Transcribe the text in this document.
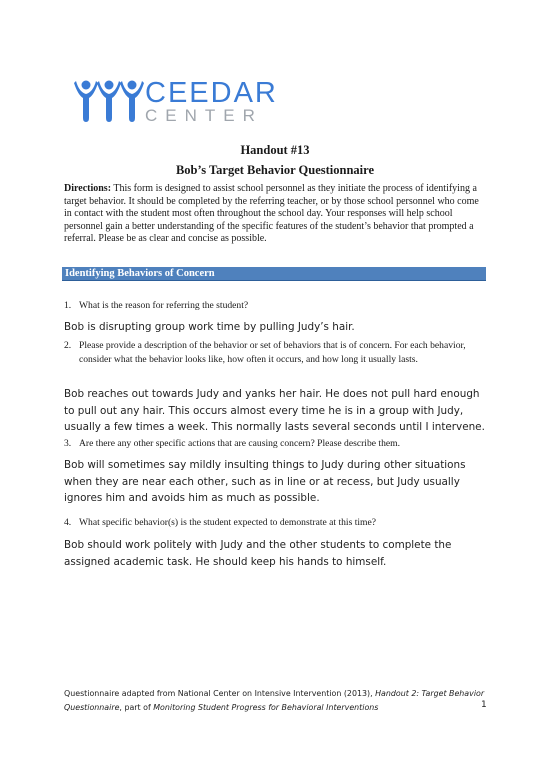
CEEDAR
CENTER
Handout #13
Bob’s Target Behavior Questionnaire
Directions: This form is designed to assist school personnel as they initiate the process of identifying a target behavior. It should be completed by the referring teacher, or by those school personnel who come in contact with the student most often throughout the school day. Your responses will help school personnel gain a better understanding of the specific features of the student’s behavior that prompted a referral. Please be as clear and concise as possible.
Identifying Behaviors of Concern
1. What is the reason for referring the student?
Bob is disrupting group work time by pulling Judy’s hair.
2. Please provide a description of the behavior or set of behaviors that is of concern. For each behavior, consider what the behavior looks like, how often it occurs, and how long it usually lasts.
Bob reaches out towards Judy and yanks her hair. He does not pull hard enough to pull out any hair. This occurs almost every time he is in a group with Judy, usually a few times a week. This normally lasts several seconds until I intervene.
3. Are there any other specific actions that are causing concern? Please describe them.
Bob will sometimes say mildly insulting things to Judy during other situations when they are near each other, such as in line or at recess, but Judy usually ignores him and avoids him as much as possible.
4. What specific behavior(s) is the student expected to demonstrate at this time?
Bob should work politely with Judy and the other students to complete the assigned academic task. He should keep his hands to himself.
Questionnaire adapted from National Center on Intensive Intervention (2013), Handout 2: Target Behavior Questionnaire, part of Monitoring Student Progress for Behavioral Interventions	1
